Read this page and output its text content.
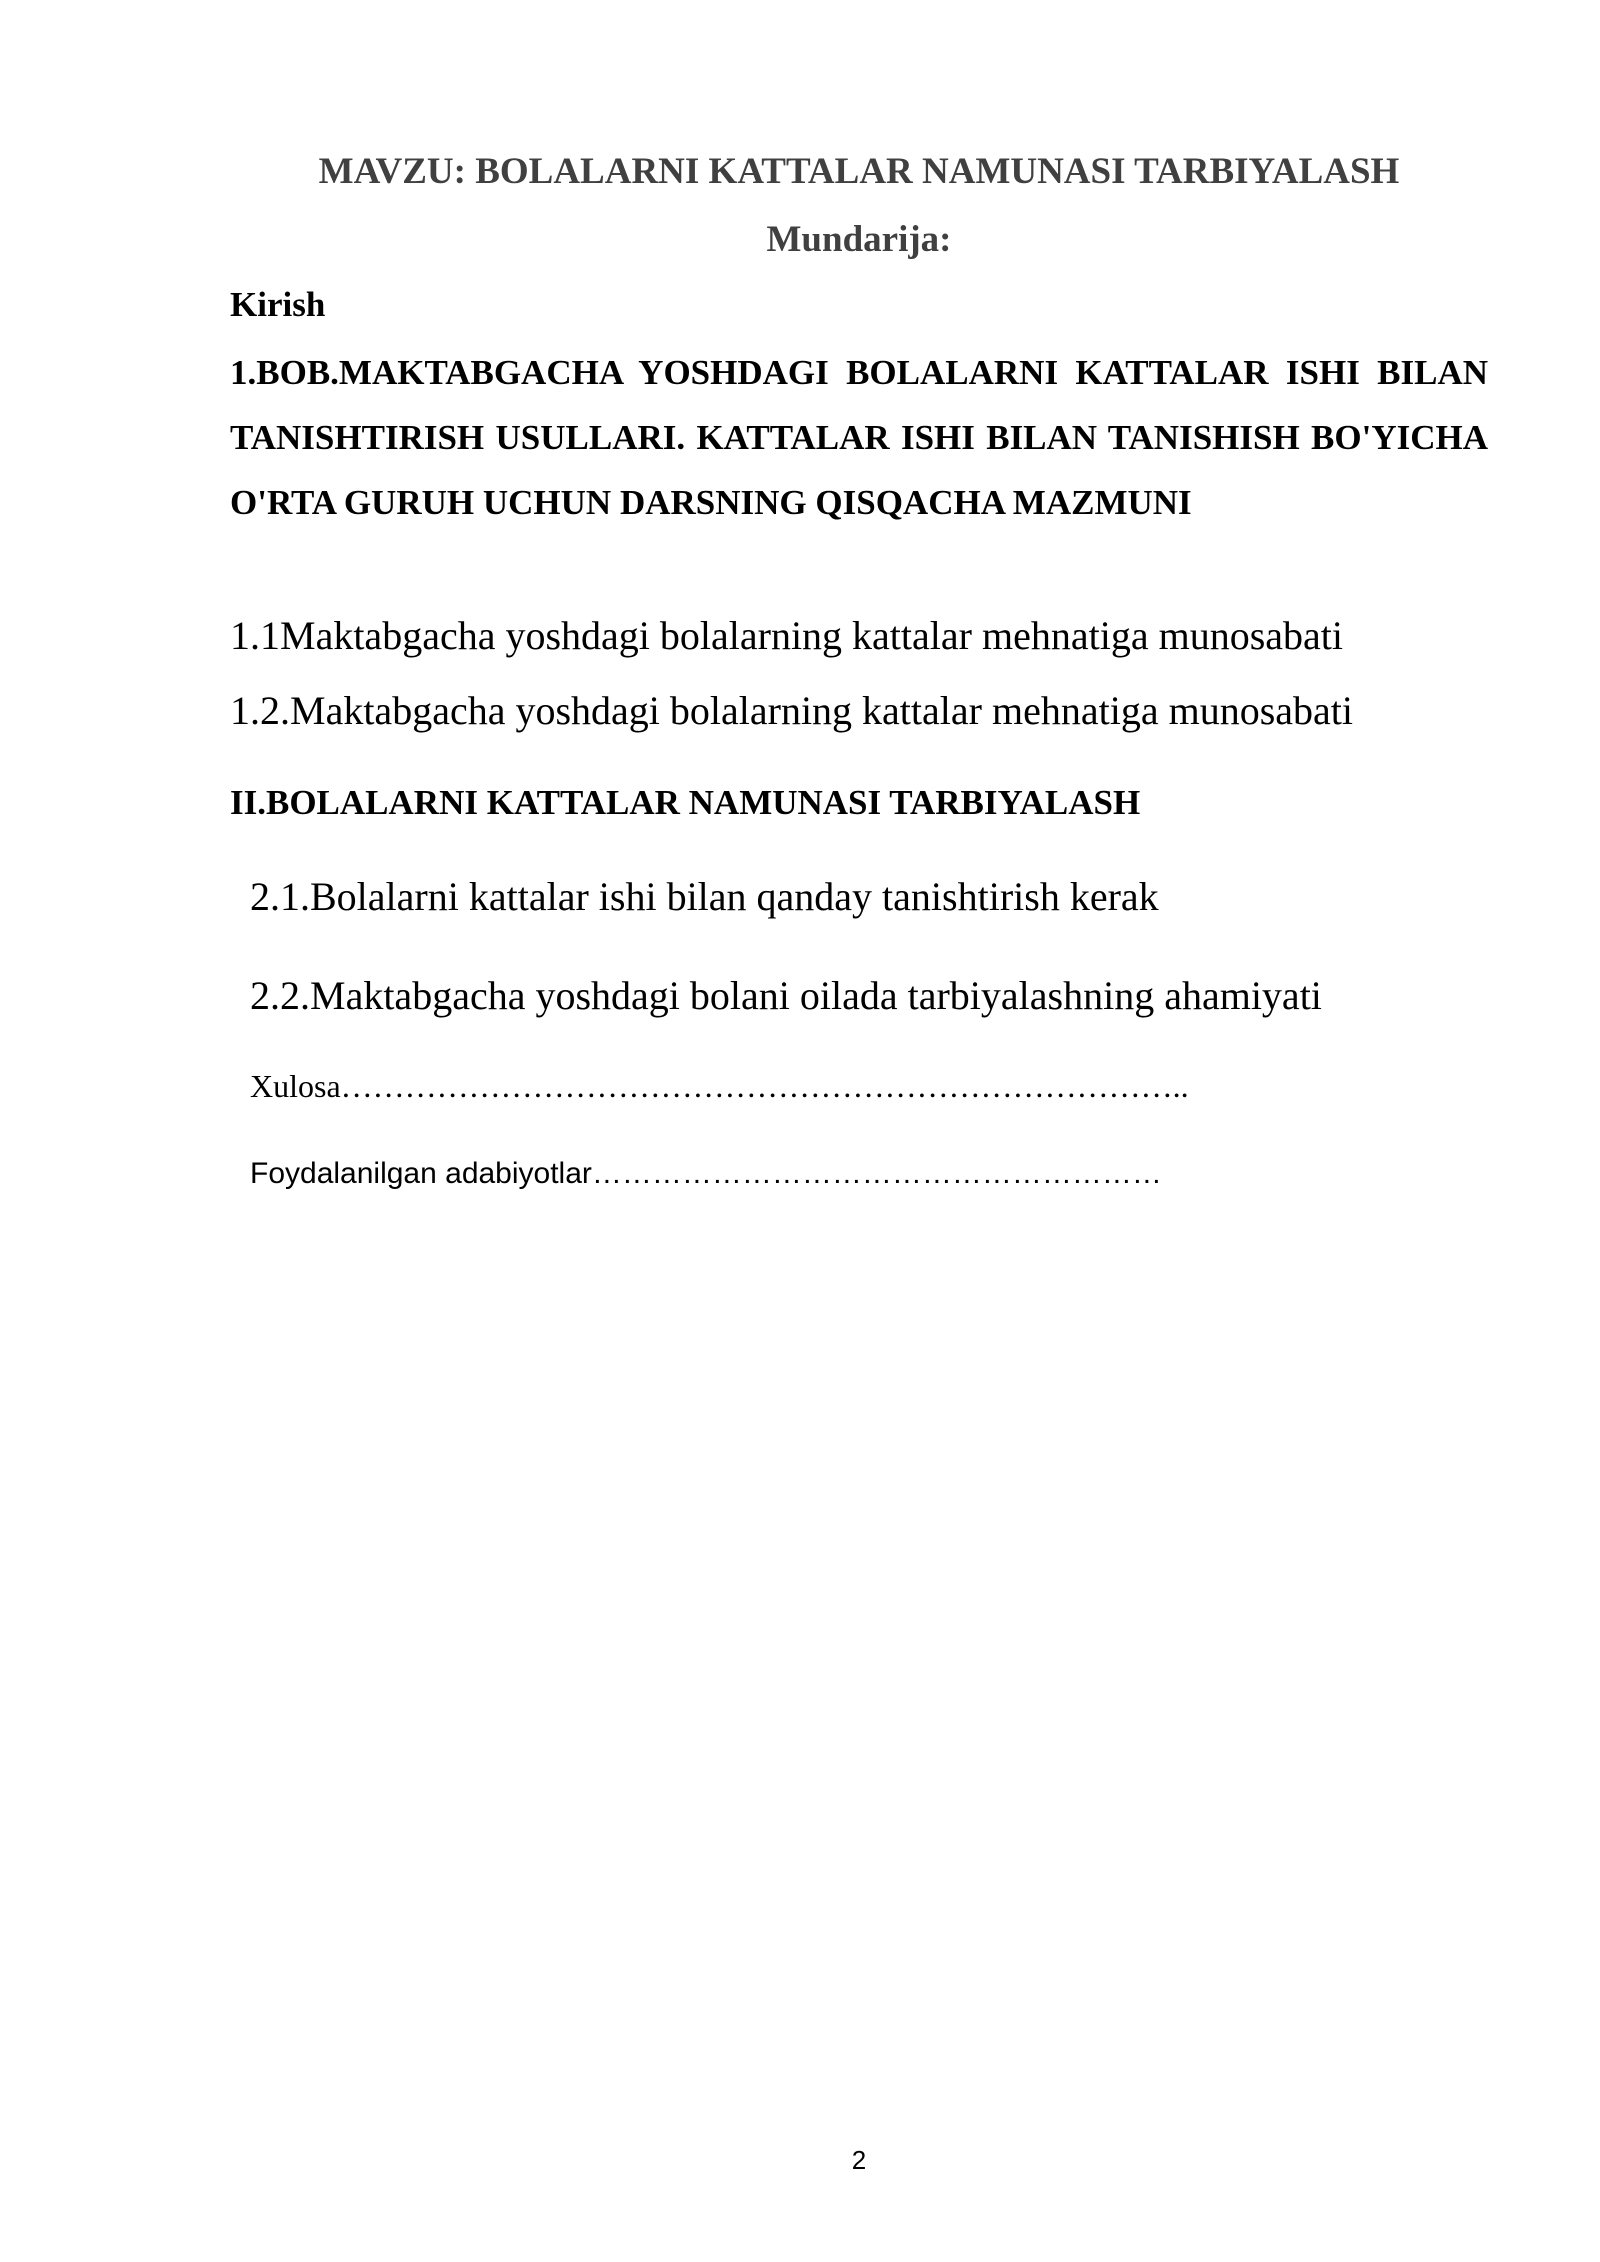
MAVZU: BOLALARNI KATTALAR NAMUNASI TARBIYALASH

Mundarija:

Kirish

1.BOB.MAKTABGACHA YOSHDAGI BOLALARNI KATTALAR ISHI BILAN TANISHTIRISH USULLARI. KATTALAR ISHI BILAN TANISHISH BO'YICHA O'RTA GURUH UCHUN DARSNING QISQACHA MAZMUNI

1.1Maktabgacha yoshdagi bolalarning kattalar mehnatiga munosabati

1.2.Maktabgacha yoshdagi bolalarning kattalar mehnatiga munosabati

II.BOLALARNI KATTALAR NAMUNASI TARBIYALASH

2.1.Bolalarni kattalar ishi bilan qanday tanishtirish kerak

2.2.Maktabgacha yoshdagi bolani oilada tarbiyalashning ahamiyati

Xulosa……………………………………………………………………..

Foydalanilgan adabiyotlar…………………………………………………

2
